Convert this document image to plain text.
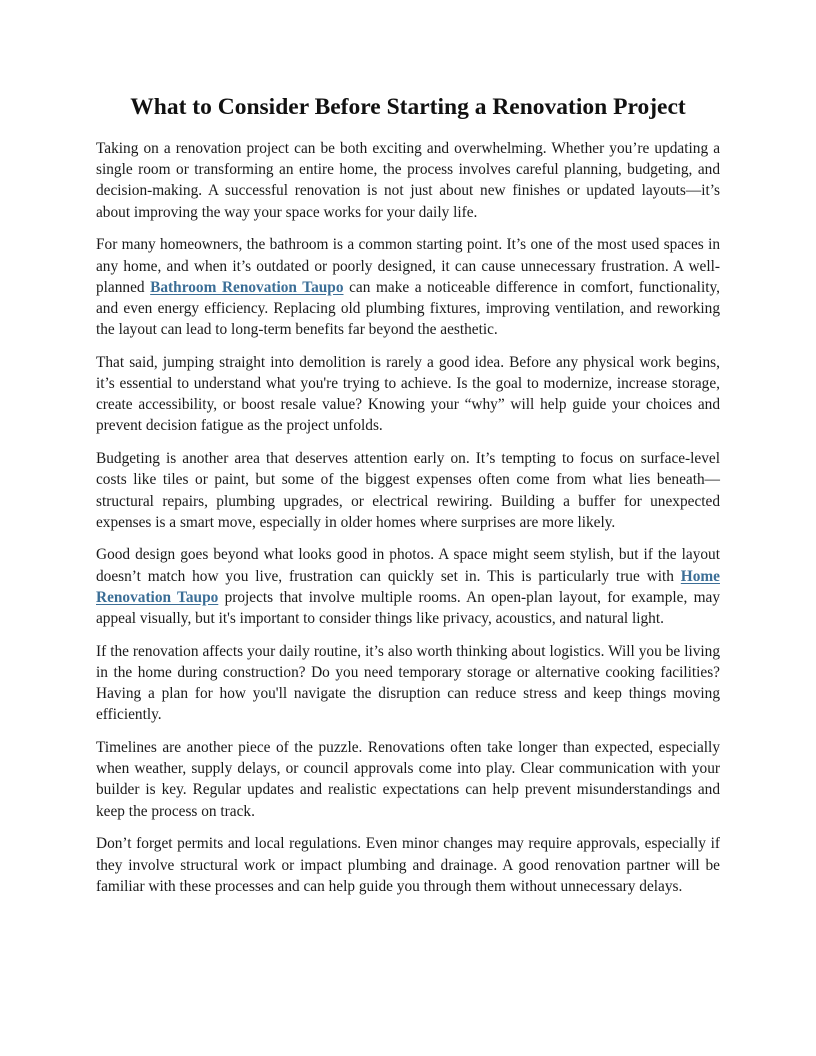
What to Consider Before Starting a Renovation Project

Taking on a renovation project can be both exciting and overwhelming. Whether you’re updating a single room or transforming an entire home, the process involves careful planning, budgeting, and decision-making. A successful renovation is not just about new finishes or updated layouts—it’s about improving the way your space works for your daily life.

For many homeowners, the bathroom is a common starting point. It’s one of the most used spaces in any home, and when it’s outdated or poorly designed, it can cause unnecessary frustration. A well-planned Bathroom Renovation Taupo can make a noticeable difference in comfort, functionality, and even energy efficiency. Replacing old plumbing fixtures, improving ventilation, and reworking the layout can lead to long-term benefits far beyond the aesthetic.

That said, jumping straight into demolition is rarely a good idea. Before any physical work begins, it’s essential to understand what you're trying to achieve. Is the goal to modernize, increase storage, create accessibility, or boost resale value? Knowing your “why” will help guide your choices and prevent decision fatigue as the project unfolds.

Budgeting is another area that deserves attention early on. It’s tempting to focus on surface-level costs like tiles or paint, but some of the biggest expenses often come from what lies beneath—structural repairs, plumbing upgrades, or electrical rewiring. Building a buffer for unexpected expenses is a smart move, especially in older homes where surprises are more likely.

Good design goes beyond what looks good in photos. A space might seem stylish, but if the layout doesn’t match how you live, frustration can quickly set in. This is particularly true with Home Renovation Taupo projects that involve multiple rooms. An open-plan layout, for example, may appeal visually, but it's important to consider things like privacy, acoustics, and natural light.

If the renovation affects your daily routine, it’s also worth thinking about logistics. Will you be living in the home during construction? Do you need temporary storage or alternative cooking facilities? Having a plan for how you'll navigate the disruption can reduce stress and keep things moving efficiently.

Timelines are another piece of the puzzle. Renovations often take longer than expected, especially when weather, supply delays, or council approvals come into play. Clear communication with your builder is key. Regular updates and realistic expectations can help prevent misunderstandings and keep the process on track.

Don’t forget permits and local regulations. Even minor changes may require approvals, especially if they involve structural work or impact plumbing and drainage. A good renovation partner will be familiar with these processes and can help guide you through them without unnecessary delays.
